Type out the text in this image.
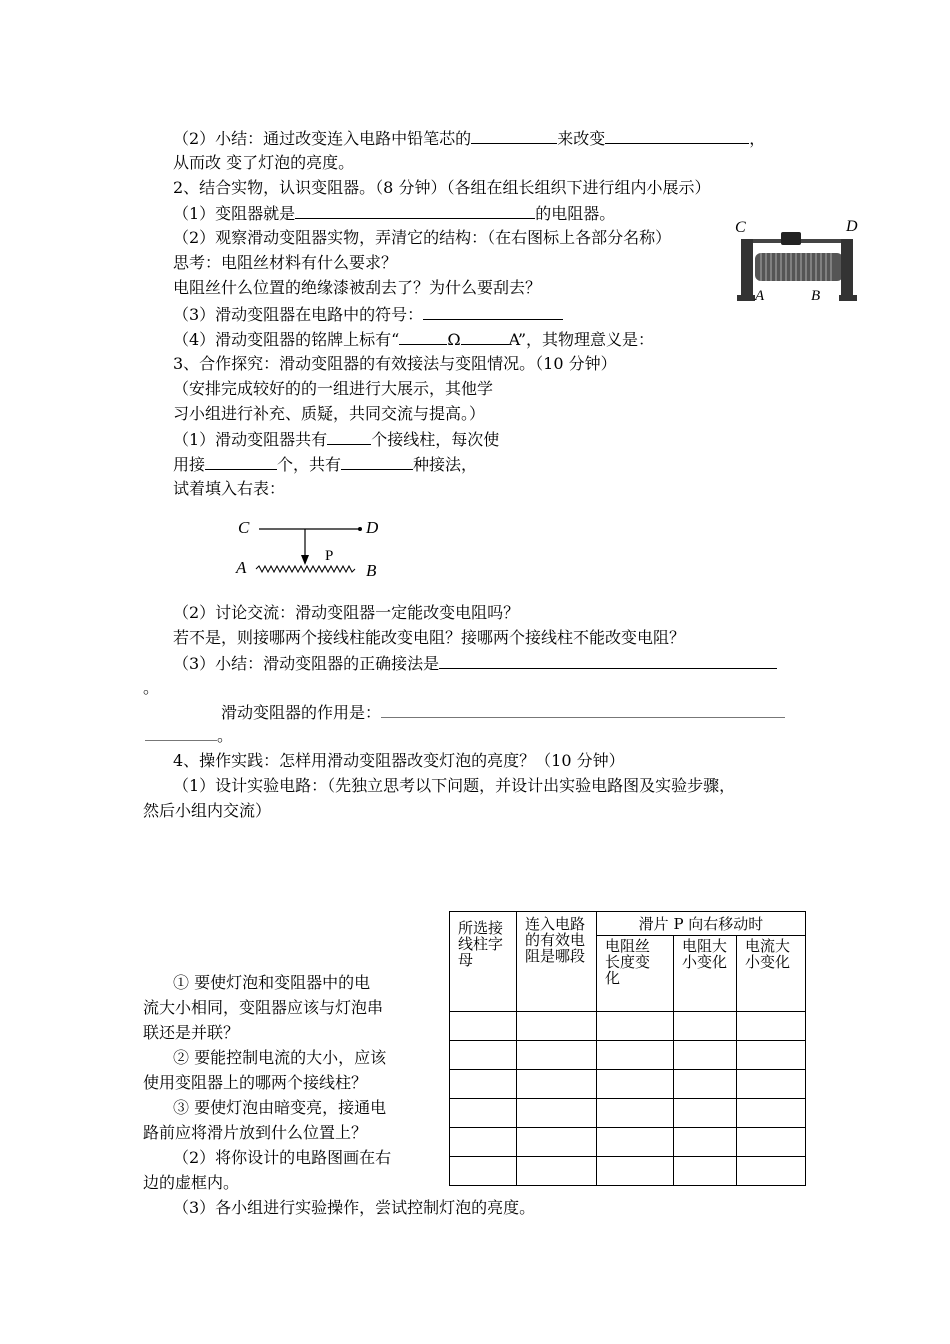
（2）小结：通过改变连入电路中铅笔芯的	来改变	，
从而改 变了灯泡的亮度。
2、结合实物，认识变阻器。（8 分钟）（各组在组长组织下进行组内小展示）
（1）变阻器就是	的电阻器。
（2）观察滑动变阻器实物，弄清它的结构：（在右图标上各部分名称）
C	D
A	B
思考：电阻丝材料有什么要求？
电阻丝什么位置的绝缘漆被刮去了？为什么要刮去？
（3）滑动变阻器在电路中的符号：
（4）滑动变阻器的铭牌上标有“	Ω	A”，其物理意义是：
3、合作探究：滑动变阻器的有效接法与变阻情况。（10 分钟）
（安排完成较好的的一组进行大展示，其他学
习小组进行补充、质疑，共同交流与提高。）
（1）滑动变阻器共有	个接线柱，每次使
用接	个，共有	种接法，
试着填入右表：
C	D
P
A	B
（2）讨论交流：滑动变阻器一定能改变电阻吗？
若不是，则接哪两个接线柱能改变电阻？接哪两个接线柱不能改变电阻？
（3）小结：滑动变阻器的正确接法是
。
滑动变阻器的作用是：
。
4、操作实践：怎样用滑动变阻器改变灯泡的亮度？（10 分钟）
（1）设计实验电路：（先独立思考以下问题，并设计出实验电路图及实验步骤，
然后小组内交流）
① 要使灯泡和变阻器中的电
流大小相同，变阻器应该与灯泡串
联还是并联？
② 要能控制电流的大小，应该
使用变阻器上的哪两个接线柱？
③ 要使灯泡由暗变亮，接通电
路前应将滑片放到什么位置上？
（2）将你设计的电路图画在右
边的虚框内。
（3）各小组进行实验操作，尝试控制灯泡的亮度。
所选接线柱字母	连入电路的有效电阻是哪段	滑片 P 向右移动时		

		电阻丝长度变化	电阻大小变化	电流大小变化
